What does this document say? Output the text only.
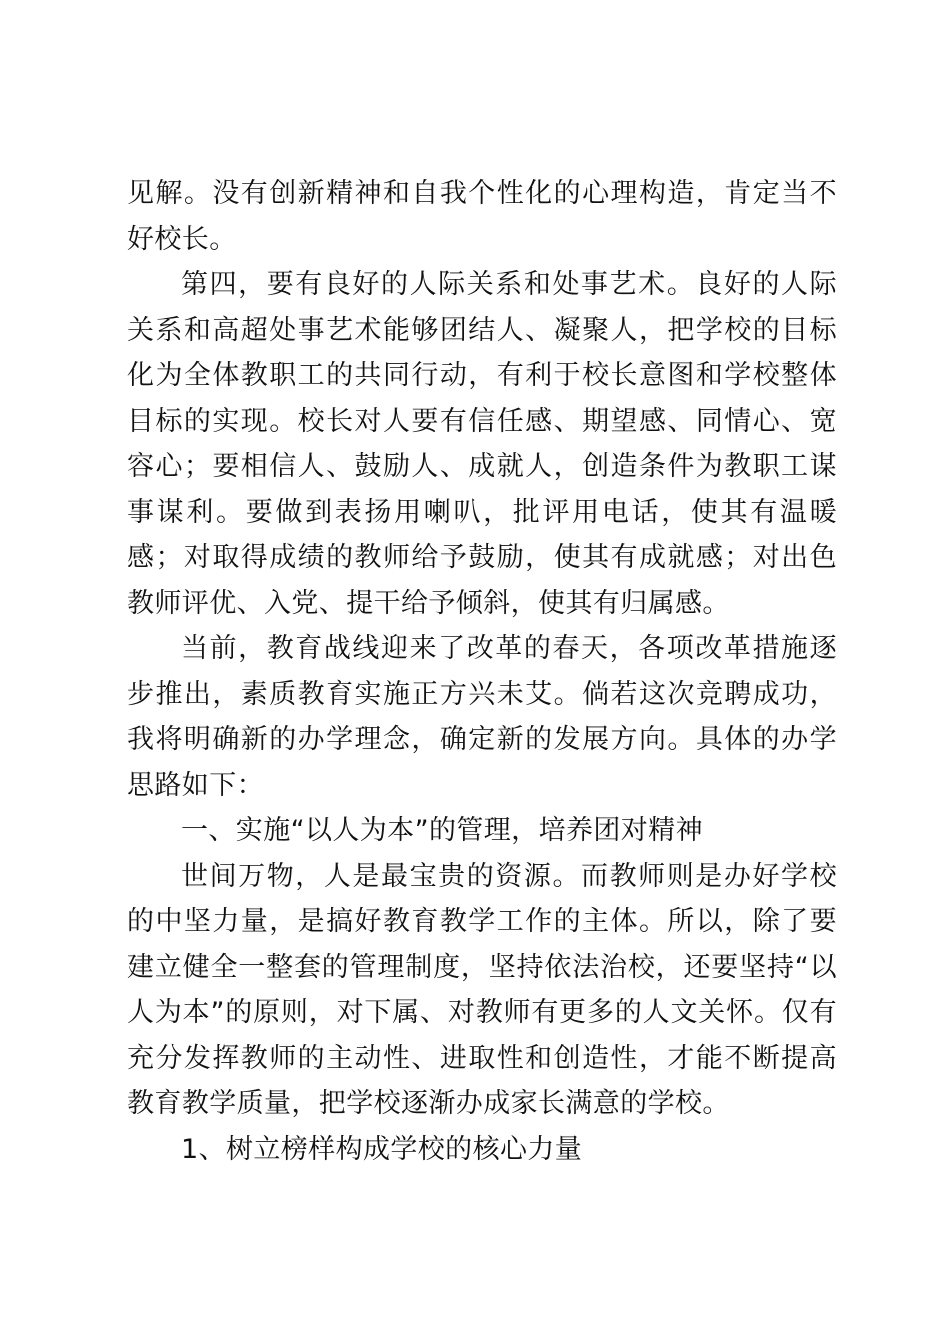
见解。没有创新精神和自我个性化的心理构造，肯定当不好校长。

第四，要有良好的人际关系和处事艺术。良好的人际关系和高超处事艺术能够团结人、凝聚人，把学校的目标化为全体教职工的共同行动，有利于校长意图和学校整体目标的实现。校长对人要有信任感、期望感、同情心、宽容心；要相信人、鼓励人、成就人，创造条件为教职工谋事谋利。要做到表扬用喇叭，批评用电话，使其有温暖感；对取得成绩的教师给予鼓励，使其有成就感；对出色教师评优、入党、提干给予倾斜，使其有归属感。

当前，教育战线迎来了改革的春天，各项改革措施逐步推出，素质教育实施正方兴未艾。倘若这次竞聘成功，我将明确新的办学理念，确定新的发展方向。具体的办学思路如下：

一、实施“以人为本”的管理，培养团对精神

世间万物，人是最宝贵的资源。而教师则是办好学校的中坚力量，是搞好教育教学工作的主体。所以，除了要建立健全一整套的管理制度，坚持依法治校，还要坚持“以人为本”的原则，对下属、对教师有更多的人文关怀。仅有充分发挥教师的主动性、进取性和创造性，才能不断提高教育教学质量，把学校逐渐办成家长满意的学校。

1、树立榜样构成学校的核心力量
